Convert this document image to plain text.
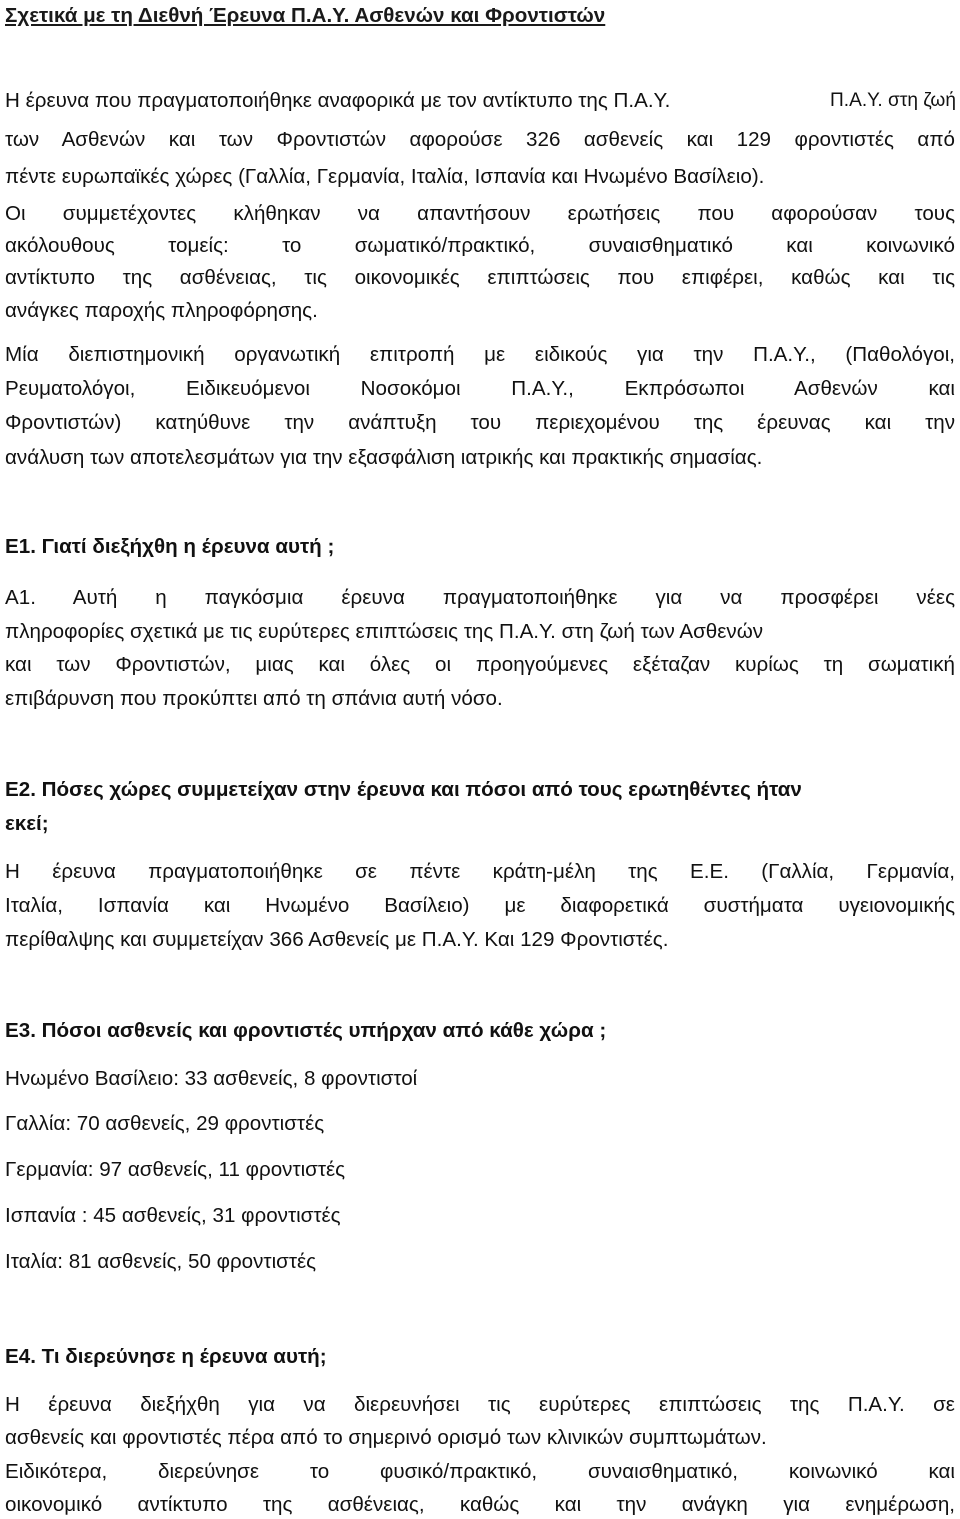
Σχετικά με τη Διεθνή Έρευνα Π.Α.Υ. Ασθενών και Φροντιστών
Η έρευνα που πραγματοποιήθηκε αναφορικά με τον αντίκτυπο της Π.Α.Υ.	Π.Α.Υ. στη ζωή
των Ασθενών και των Φροντιστών αφορούσε 326 ασθενείς και 129 φροντιστές από
πέντε ευρωπαϊκές χώρες (Γαλλία, Γερμανία, Ιταλία, Ισπανία και Ηνωμένο Βασίλειο).
Οι συμμετέχοντες κλήθηκαν να απαντήσουν ερωτήσεις που αφορούσαν τους
ακόλουθους τομείς: το σωματικό/πρακτικό, συναισθηματικό και κοινωνικό
αντίκτυπο της ασθένειας, τις οικονομικές επιπτώσεις που επιφέρει, καθώς και τις
ανάγκες παροχής πληροφόρησης.
Μία διεπιστημονική οργανωτική επιτροπή με ειδικούς για την Π.Α.Υ., (Παθολόγοι,
Ρευματολόγοι, Ειδικευόμενοι Νοσοκόμοι Π.Α.Υ., Εκπρόσωποι Ασθενών και
Φροντιστών) κατηύθυνε την ανάπτυξη του περιεχομένου της έρευνας και την
ανάλυση των αποτελεσμάτων για την εξασφάλιση ιατρικής και πρακτικής σημασίας.
Ε1. Γιατί διεξήχθη η έρευνα αυτή ;
Α1. Αυτή η παγκόσμια έρευνα πραγματοποιήθηκε για να προσφέρει νέες
πληροφορίες σχετικά με τις ευρύτερες επιπτώσεις της Π.Α.Υ. στη ζωή των Ασθενών
και των Φροντιστών, μιας και όλες οι προηγούμενες εξέταζαν κυρίως τη σωματική
επιβάρυνση που προκύπτει από τη σπάνια αυτή νόσο.
Ε2. Πόσες χώρες συμμετείχαν στην έρευνα και πόσοι από τους ερωτηθέντες ήταν
εκεί;
Η έρευνα πραγματοποιήθηκε σε πέντε κράτη-μέλη της Ε.Ε. (Γαλλία, Γερμανία,
Ιταλία, Ισπανία και Ηνωμένο Βασίλειο) με διαφορετικά συστήματα υγειονομικής
περίθαλψης και συμμετείχαν 366 Ασθενείς με Π.Α.Υ. Και 129 Φροντιστές.
Ε3. Πόσοι ασθενείς και φροντιστές υπήρχαν από κάθε χώρα ;
Ηνωμένο Βασίλειο: 33 ασθενείς, 8 φροντιστοί
Γαλλία: 70 ασθενείς, 29 φροντιστές
Γερμανία: 97 ασθενείς, 11 φροντιστές
Ισπανία : 45 ασθενείς, 31 φροντιστές
Ιταλία: 81 ασθενείς, 50 φροντιστές
Ε4. Τι διερεύνησε η έρευνα αυτή;
Η έρευνα διεξήχθη για να διερευνήσει τις ευρύτερες επιπτώσεις της Π.Α.Υ. σε
ασθενείς και φροντιστές πέρα από το σημερινό ορισμό των κλινικών συμπτωμάτων.
Ειδικότερα, διερεύνησε το φυσικό/πρακτικό, συναισθηματικό, κοινωνικό και
οικονομικό αντίκτυπο της ασθένειας, καθώς και την ανάγκη για ενημέρωση,
